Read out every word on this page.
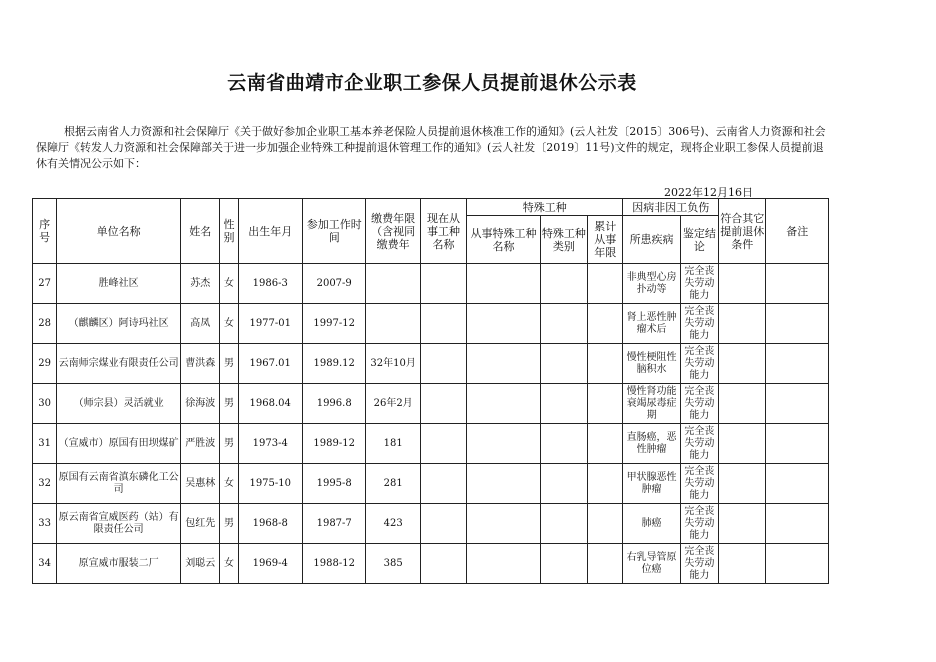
云南省曲靖市企业职工参保人员提前退休公示表
根据云南省人力资源和社会保障厅《关于做好参加企业职工基本养老保险人员提前退休核准工作的通知》(云人社发〔2015〕306号)、云南省人力资源和社会保障厅《转发人力资源和社会保障部关于进一步加强企业特殊工种提前退休管理工作的通知》(云人社发〔2019〕11号)文件的规定，现将企业职工参保人员提前退休有关情况公示如下：
2022年12月16日
序号	单位名称	姓名	性别	出生年月	参加工作时间	缴费年限（含视同缴费年	现在从事工种名称	特殊工种			因病非因工负伤		符合其它提前退休条件	备注
								从事特殊工种名称	特殊工种类别	累计从事年限	所患疾病	鉴定结论		
27	胜峰社区	苏杰	女	1986-3	2007-9						非典型心房扑动等	完全丧失劳动能力		
28	（麒麟区）阿诗玛社区	高凤	女	1977-01	1997-12						肾上恶性肿瘤术后	完全丧失劳动能力		
29	云南师宗煤业有限责任公司	曹洪森	男	1967.01	1989.12	32年10月					慢性梗阻性脑积水	完全丧失劳动能力		
30	（师宗县）灵活就业	徐海波	男	1968.04	1996.8	26年2月					慢性肾功能衰竭尿毒症期	完全丧失劳动能力		
31	（宣威市）原国有田坝煤矿	严胜波	男	1973-4	1989-12	181					直肠癌，恶性肿瘤	完全丧失劳动能力		
32	原国有云南省滇东磷化工公司	吴惠林	女	1975-10	1995-8	281					甲状腺恶性肿瘤	完全丧失劳动能力		
33	原云南省宣威医药（站）有限责任公司	包红先	男	1968-8	1987-7	423					肺癌	完全丧失劳动能力		
34	原宣威市服装二厂	刘聪云	女	1969-4	1988-12	385					右乳导管原位癌	完全丧失劳动能力		
